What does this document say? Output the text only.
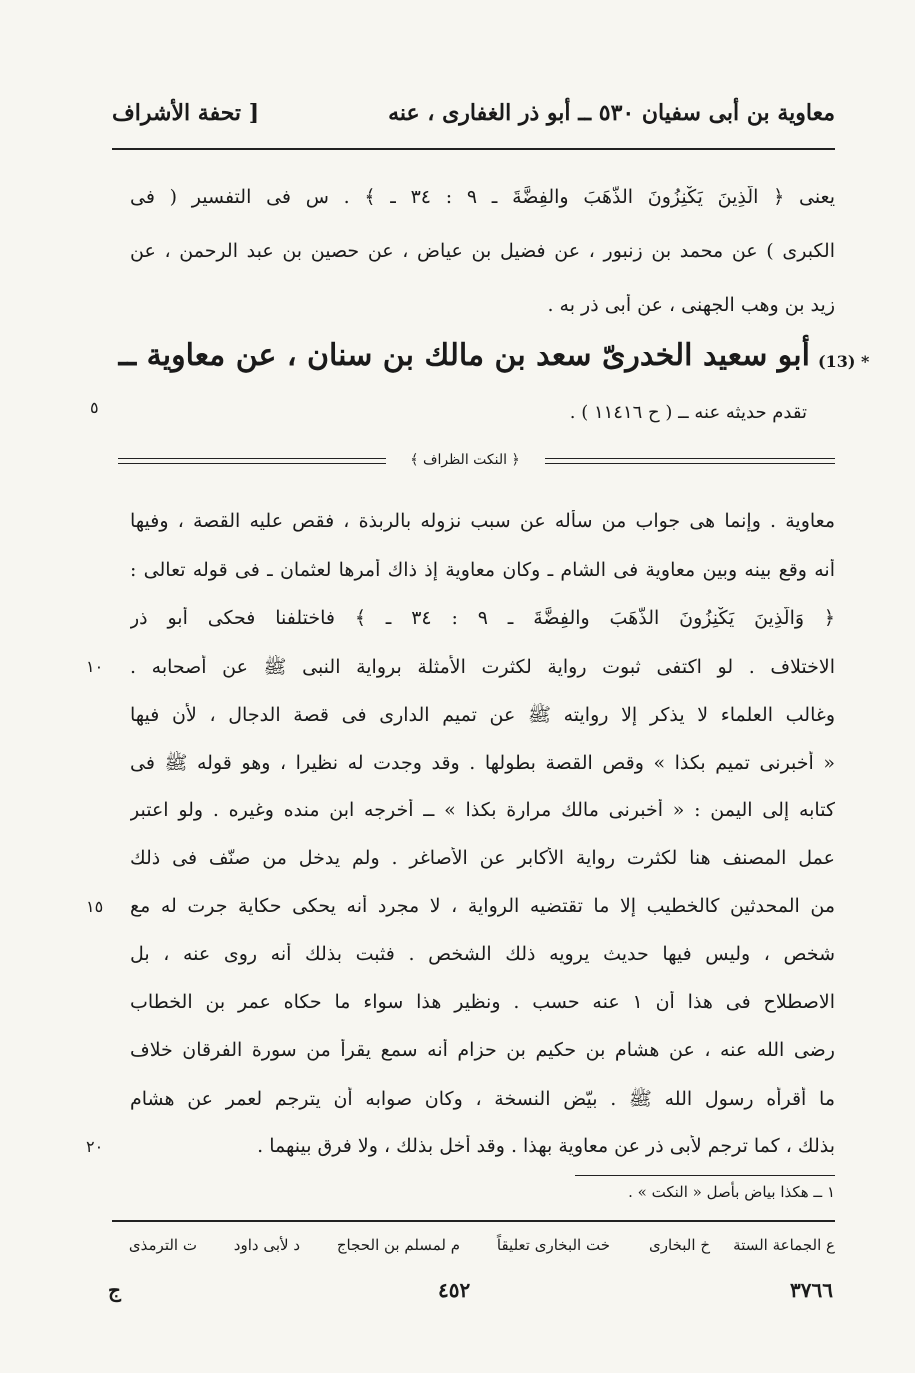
معاوية بن أبى سفيان ٥٣٠ ــ أبو ذر الغفارى ، عنه
[ تحفة الأشراف
يعنى ﴿ الَّذِينَ يَكْنِزُونَ الذَّهَبَ والفِضَّةَ ـ ٩ : ٣٤ ـ ﴾ . س فى التفسير ( فى
الكبرى ) عن محمد بن زنبور ، عن فضيل بن عياض ، عن حصين بن عبد الرحمن ، عن
زيد بن وهب الجهنى ، عن أبى ذر به .
(13) *
أبو سعيد الخدرىّ سعد بن مالك بن سنان ، عن معاوية ــ
تقدم حديثه عنه ــ ( ح ١١٤١٦ ) .
٥
﴿ النكت الظراف ﴾
معاوية . وإنما هى جواب من سأله عن سبب نزوله بالربذة ، فقص عليه القصة ، وفيها
أنه وقع بينه وبين معاوية فى الشام ـ وكان معاوية إذ ذاك أمرها لعثمان ـ فى قوله تعالى :
﴿ وَالَّذِينَ يَكْنِزُونَ الذَّهَبَ والفِضَّةَ ـ ٩ : ٣٤ ـ ﴾ فاختلفنا فحكى أبو ذر
الاختلاف . لو اكتفى ثبوت رواية لكثرت الأمثلة برواية النبى ﷺ عن أصحابه .
وغالب العلماء لا يذكر إلا روايته ﷺ عن تميم الدارى فى قصة الدجال ، لأن فيها
« أخبرنى تميم بكذا » وقص القصة بطولها . وقد وجدت له نظيرا ، وهو قوله ﷺ فى
كتابه إلى اليمن : « أخبرنى مالك مرارة بكذا » ــ أخرجه ابن منده وغيره . ولو اعتبر
عمل المصنف هنا لكثرت رواية الأكابر عن الأصاغر . ولم يدخل من صنّف فى ذلك
من المحدثين كالخطيب إلا ما تقتضيه الرواية ، لا مجرد أنه يحكى حكاية جرت له مع
شخص ، وليس فيها حديث يرويه ذلك الشخص . فثبت بذلك أنه روى عنه ، بل
الاصطلاح فى هذا أن ١ عنه حسب . ونظير هذا سواء ما حكاه عمر بن الخطاب
رضى الله عنه ، عن هشام بن حكيم بن حزام أنه سمع يقرأ من سورة الفرقان خلاف
ما أقرأه رسول الله ﷺ . بيّض النسخة ، وكان صوابه أن يترجم لعمر عن هشام
بذلك ، كما ترجم لأبى ذر عن معاوية بهذا . وقد أخل بذلك ، ولا فرق بينهما .
١٠
١٥
٢٠
١ ــ هكذا بياض بأصل « النكت » .
ع الجماعة الستة
خ البخارى
خت البخارى تعليقاً
م لمسلم بن الحجاج
د لأبى داود
ت الترمذى
٣٧٦٦
٤٥٢
ج
